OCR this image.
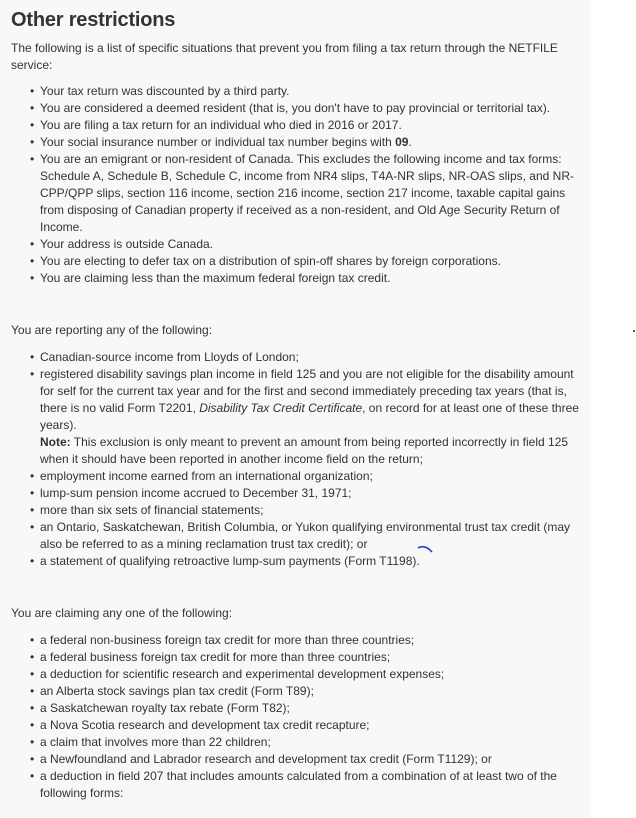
Other restrictions

The following is a list of specific situations that prevent you from filing a tax return through the NETFILE service:

• Your tax return was discounted by a third party.
• You are considered a deemed resident (that is, you don't have to pay provincial or territorial tax).
• You are filing a tax return for an individual who died in 2016 or 2017.
• Your social insurance number or individual tax number begins with 09.
• You are an emigrant or non-resident of Canada. This excludes the following income and tax forms: Schedule A, Schedule B, Schedule C, income from NR4 slips, T4A-NR slips, NR-OAS slips, and NR-CPP/QPP slips, section 116 income, section 216 income, section 217 income, taxable capital gains from disposing of Canadian property if received as a non-resident, and Old Age Security Return of Income.
• Your address is outside Canada.
• You are electing to defer tax on a distribution of spin-off shares by foreign corporations.
• You are claiming less than the maximum federal foreign tax credit.
You are reporting any of the following:
• Canadian-source income from Lloyds of London;
• registered disability savings plan income in field 125 and you are not eligible for the disability amount for self for the current tax year and for the first and second immediately preceding tax years (that is, there is no valid Form T2201, Disability Tax Credit Certificate, on record for at least one of these three years).
Note: This exclusion is only meant to prevent an amount from being reported incorrectly in field 125 when it should have been reported in another income field on the return;
• employment income earned from an international organization;
• lump-sum pension income accrued to December 31, 1971;
• more than six sets of financial statements;
• an Ontario, Saskatchewan, British Columbia, or Yukon qualifying environmental trust tax credit (may also be referred to as a mining reclamation trust tax credit); or
• a statement of qualifying retroactive lump-sum payments (Form T1198).
You are claiming any one of the following:
• a federal non-business foreign tax credit for more than three countries;
• a federal business foreign tax credit for more than three countries;
• a deduction for scientific research and experimental development expenses;
• an Alberta stock savings plan tax credit (Form T89);
• a Saskatchewan royalty tax rebate (Form T82);
• a Nova Scotia research and development tax credit recapture;
• a claim that involves more than 22 children;
• a Newfoundland and Labrador research and development tax credit (Form T1129); or
• a deduction in field 207 that includes amounts calculated from a combination of at least two of the following forms:
